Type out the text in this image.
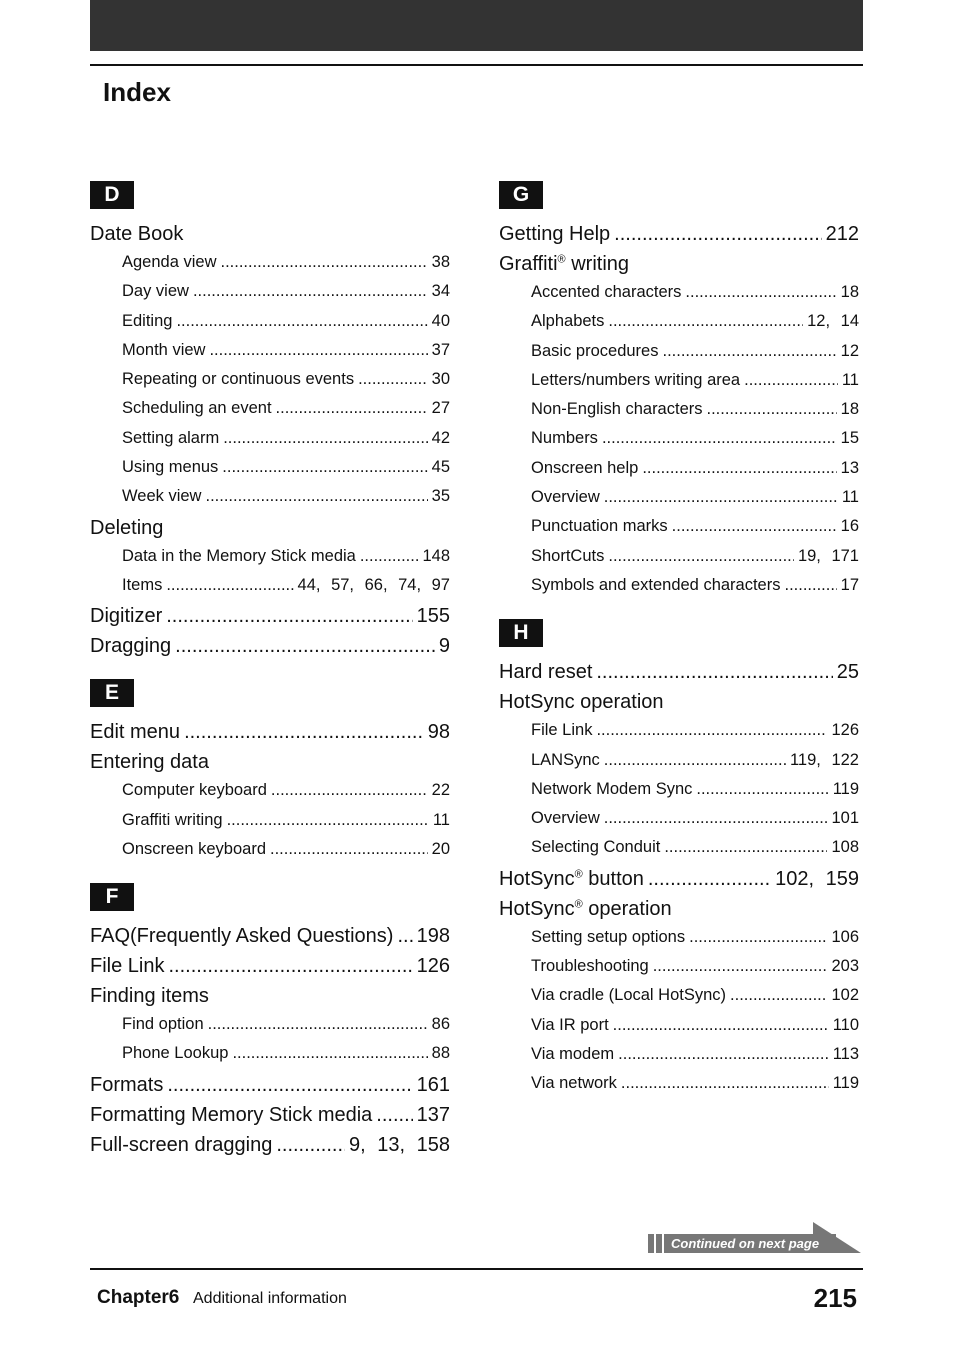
Index
D
Date Book
Agenda view .....	38
Day view .....	34
Editing .....	40
Month view .....	37
Repeating or continuous events .....	30
Scheduling an event .....	27
Setting alarm .....	42
Using menus .....	45
Week view .....	35
Deleting
Data in the Memory Stick media .....	148
Items .....	44, 57, 66, 74, 97
Digitizer .....	155
Dragging .....	9
E
Edit menu .....	98
Entering data
Computer keyboard .....	22
Graffiti writing .....	11
Onscreen keyboard .....	20
F
FAQ(Frequently Asked Questions) ..... 198
File Link .....	126
Finding items
Find option .....	86
Phone Lookup .....	88
Formats .....	161
Formatting Memory Stick media ..... 137
Full-screen dragging .....	9, 13, 158
G
Getting Help .....	212
Graffiti® writing
Accented characters .....	18
Alphabets .....	12, 14
Basic procedures .....	12
Letters/numbers writing area .....	11
Non-English characters .....	18
Numbers .....	15
Onscreen help .....	13
Overview .....	11
Punctuation marks .....	16
ShortCuts .....	19, 171
Symbols and extended characters .....	17
H
Hard reset .....	25
HotSync operation
File Link .....	126
LANSync .....	119, 122
Network Modem Sync .....	119
Overview .....	101
Selecting Conduit .....	108
HotSync® button .....	102, 159
HotSync® operation
Setting setup options .....	106
Troubleshooting .....	203
Via cradle (Local HotSync) .....	102
Via IR port .....	110
Via modem .....	113
Via network .....	119
Continued on next page
Chapter6 Additional information	215
